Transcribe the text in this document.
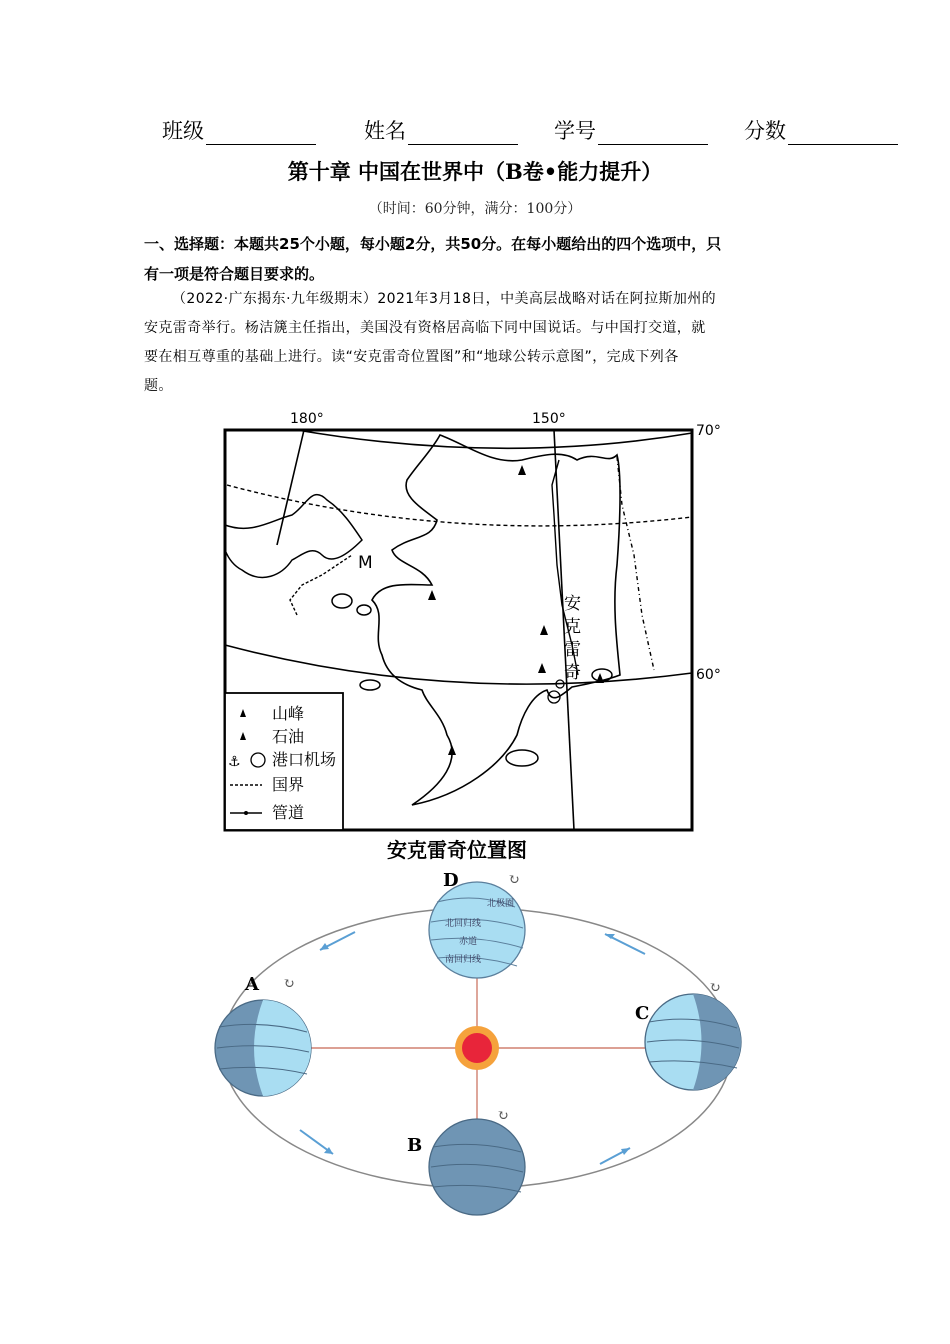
班级	姓名	学号	分数
第十章 中国在世界中（B卷•能力提升）
（时间：60分钟，满分：100分）
一、选择题：本题共25个小题，每小题2分，共50分。在每小题给出的四个选项中，只
有一项是符合题目要求的。
（2022·广东揭东·九年级期末）2021年3月18日，中美高层战略对话在阿拉斯加州的
安克雷奇举行。杨洁篪主任指出，美国没有资格居高临下同中国说话。与中国打交道，就
要在相互尊重的基础上进行。读“安克雷奇位置图”和“地球公转示意图”，完成下列各
题。
180°	150°
70°
60°
M
安
克
雷
奇
山峰
石油
⚓ 港口机场
国界
管道
安克雷奇位置图
北极圈
北回归线
赤道
南回归线
D	↻
A ↻
C
↻
B
↻
